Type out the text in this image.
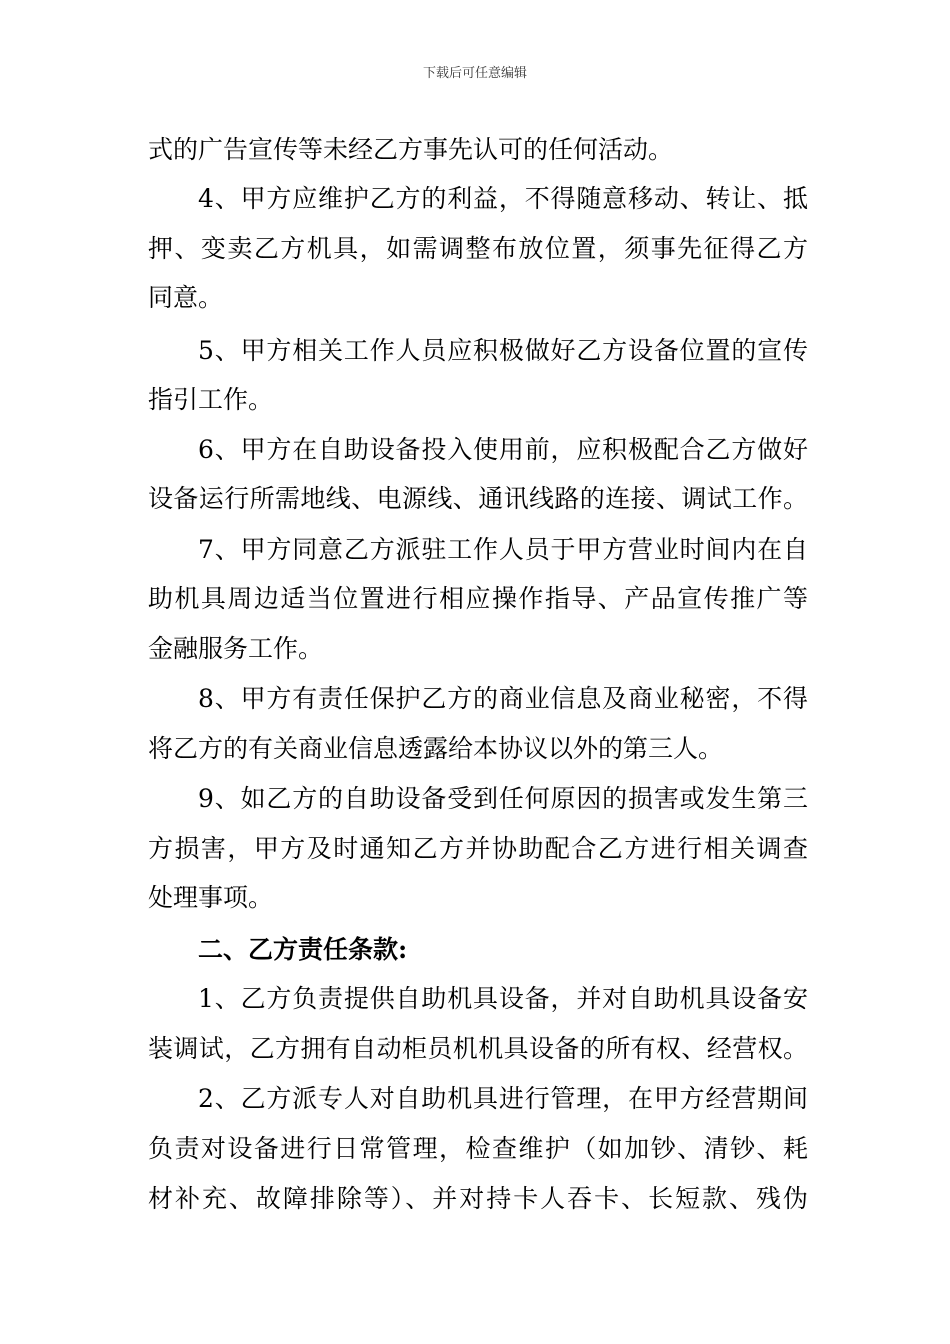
下载后可任意编辑
式的广告宣传等未经乙方事先认可的任何活动。
4、甲方应维护乙方的利益，不得随意移动、转让、抵
押、变卖乙方机具，如需调整布放位置，须事先征得乙方
同意。
5、甲方相关工作人员应积极做好乙方设备位置的宣传
指引工作。
6、甲方在自助设备投入使用前，应积极配合乙方做好
设备运行所需地线、电源线、通讯线路的连接、调试工作。
7、甲方同意乙方派驻工作人员于甲方营业时间内在自
助机具周边适当位置进行相应操作指导、产品宣传推广等
金融服务工作。
8、甲方有责任保护乙方的商业信息及商业秘密，不得
将乙方的有关商业信息透露给本协议以外的第三人。
9、如乙方的自助设备受到任何原因的损害或发生第三
方损害，甲方及时通知乙方并协助配合乙方进行相关调查
处理事项。
二、乙方责任条款:
1、乙方负责提供自助机具设备，并对自助机具设备安
装调试，乙方拥有自动柜员机机具设备的所有权、经营权。
2、乙方派专人对自助机具进行管理，在甲方经营期间
负责对设备进行日常管理，检查维护（如加钞、清钞、耗
材补充、故障排除等）、并对持卡人吞卡、长短款、残伪
